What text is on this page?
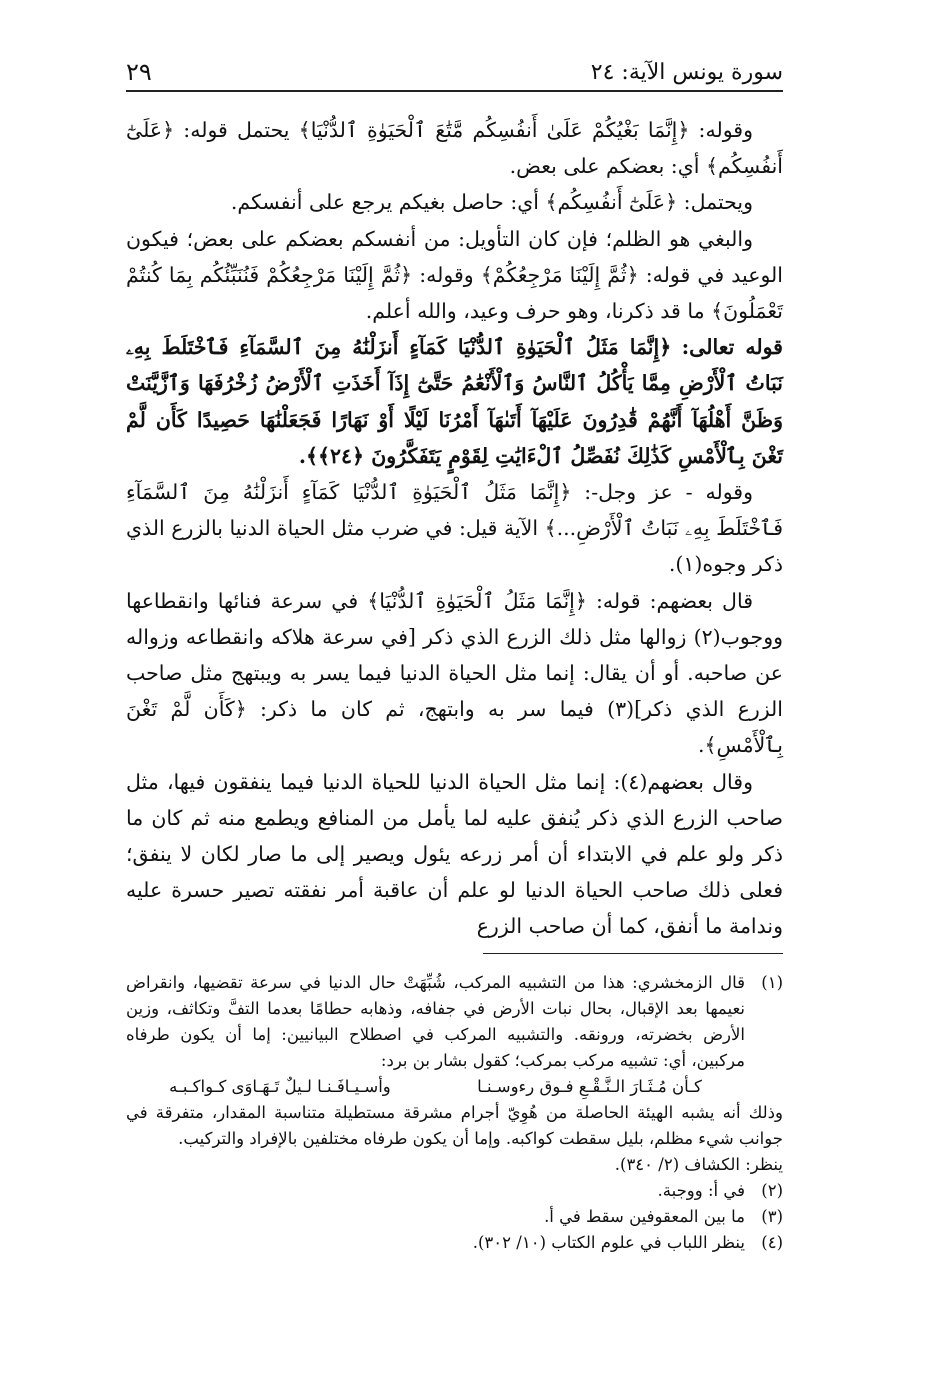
سورة يونس الآية: ٢٤
٢٩

وقوله: ﴿إِنَّمَا بَغْيُكُمْ عَلَىٰ أَنفُسِكُم مَّتَٰعَ ٱلْحَيَوٰةِ ٱلدُّنْيَا﴾ يحتمل قوله: ﴿عَلَىٰٓ أَنفُسِكُم﴾ أي: بعضكم على بعض.

ويحتمل: ﴿عَلَىٰٓ أَنفُسِكُم﴾ أي: حاصل بغيكم يرجع على أنفسكم.

والبغي هو الظلم؛ فإن كان التأويل: من أنفسكم بعضكم على بعض؛ فيكون الوعيد في قوله: ﴿ثُمَّ إِلَيْنَا مَرْجِعُكُمْ﴾ وقوله: ﴿ثُمَّ إِلَيْنَا مَرْجِعُكُمْ فَنُنَبِّئُكُم بِمَا كُنتُمْ تَعْمَلُونَ﴾ ما قد ذكرنا، وهو حرف وعيد، والله أعلم.

قوله تعالى: ﴿إِنَّمَا مَثَلُ ٱلْحَيَوٰةِ ٱلدُّنْيَا كَمَآءٍ أَنزَلْنَٰهُ مِنَ ٱلسَّمَآءِ فَٱخْتَلَطَ بِهِۦ نَبَاتُ ٱلْأَرْضِ مِمَّا يَأْكُلُ ٱلنَّاسُ وَٱلْأَنْعَٰمُ حَتَّىٰٓ إِذَآ أَخَذَتِ ٱلْأَرْضُ زُخْرُفَهَا وَٱزَّيَّنَتْ وَظَنَّ أَهْلُهَآ أَنَّهُمْ قَٰدِرُونَ عَلَيْهَآ أَتَىٰهَآ أَمْرُنَا لَيْلًا أَوْ نَهَارًا فَجَعَلْنَٰهَا حَصِيدًا كَأَن لَّمْ تَغْنَ بِٱلْأَمْسِ كَذَٰلِكَ نُفَصِّلُ ٱلْءَايَٰتِ لِقَوْمٍ يَتَفَكَّرُونَ ﴿٢٤﴾﴾.

وقوله - عز وجل-: ﴿إِنَّمَا مَثَلُ ٱلْحَيَوٰةِ ٱلدُّنْيَا كَمَآءٍ أَنزَلْنَٰهُ مِنَ ٱلسَّمَآءِ فَٱخْتَلَطَ بِهِۦ نَبَاتُ ٱلْأَرْضِ...﴾ الآية قيل: في ضرب مثل الحياة الدنيا بالزرع الذي ذكر وجوه(١).

قال بعضهم: قوله: ﴿إِنَّمَا مَثَلُ ٱلْحَيَوٰةِ ٱلدُّنْيَا﴾ في سرعة فنائها وانقطاعها ووجوب(٢) زوالها مثل ذلك الزرع الذي ذكر [في سرعة هلاكه وانقطاعه وزواله عن صاحبه. أو أن يقال: إنما مثل الحياة الدنيا فيما يسر به ويبتهج مثل صاحب الزرع الذي ذكر](٣) فيما سر به وابتهج، ثم كان ما ذكر: ﴿كَأَن لَّمْ تَغْنَ بِٱلْأَمْسِ﴾.

وقال بعضهم(٤): إنما مثل الحياة الدنيا للحياة الدنيا فيما ينفقون فيها، مثل صاحب الزرع الذي ذكر يُنفق عليه لما يأمل من المنافع ويطمع منه ثم كان ما ذكر ولو علم في الابتداء أن أمر زرعه يئول ويصير إلى ما صار لكان لا ينفق؛ فعلى ذلك صاحب الحياة الدنيا لو علم أن عاقبة أمر نفقته تصير حسرة عليه وندامة ما أنفق، كما أن صاحب الزرع

(١)
قال الزمخشري: هذا من التشبيه المركب، شُبِّهَتْ حال الدنيا في سرعة تقضيها، وانقراض نعيمها بعد الإقبال، بحال نبات الأرض في جفافه، وذهابه حطامًا بعدما التفَّ وتكاثف، وزين الأرض بخضرته، ورونقه. والتشبيه المركب في اصطلاح البيانيين: إما أن يكون طرفاه مركبين، أي: تشبيه مركب بمركب؛ كقول بشار بن برد:
كـأن مُـثَـارَ الـنَّـقْـعِ فـوق رءوسـنـا
وأسـيـافَـنـا لـيلٌ تَـهَـاوَى كـواكـبـه
وذلك أنه يشبه الهيئة الحاصلة من هُوِيّ أجرام مشرقة مستطيلة متناسبة المقدار، متفرقة في جوانب شيء مظلم، بليل سقطت كواكبه. وإما أن يكون طرفاه مختلفين بالإفراد والتركيب.
ينظر: الكشاف (٢/ ٣٤٠).
(٢)
في أ: ووجبة.
(٣)
ما بين المعقوفين سقط في أ.
(٤)
ينظر اللباب في علوم الكتاب (١٠/ ٣٠٢).
